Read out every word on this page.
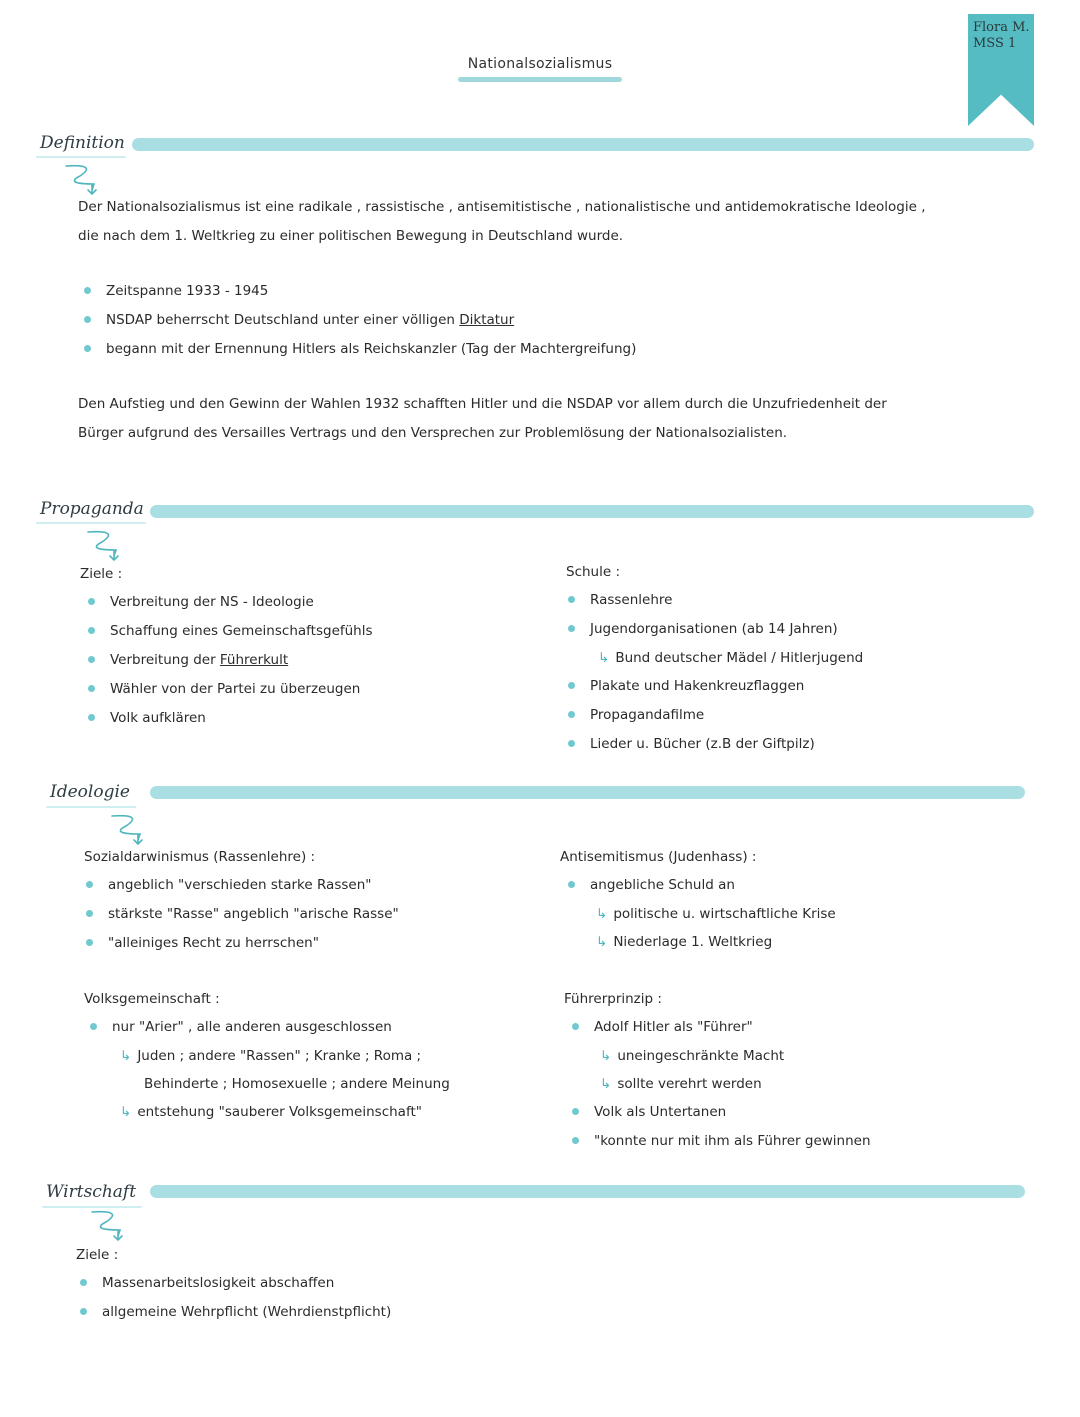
Nationalsozialismus
Flora M.
MSS 1
Definition
Der Nationalsozialismus ist eine radikale , rassistische , antisemitistische , nationalistische und antidemokratische Ideologie ,
die nach dem 1. Weltkrieg zu einer politischen Bewegung in Deutschland wurde.
Zeitspanne 1933 - 1945
NSDAP beherrscht Deutschland unter einer völligen Diktatur
begann mit der Ernennung Hitlers als Reichskanzler (Tag der Machtergreifung)
Den Aufstieg und den Gewinn der Wahlen 1932 schafften Hitler und die NSDAP vor allem durch die Unzufriedenheit der
Bürger aufgrund des Versailles Vertrags und den Versprechen zur Problemlösung der Nationalsozialisten.
Propaganda
Ziele :
Verbreitung der NS - Ideologie
Schaffung eines Gemeinschaftsgefühls
Verbreitung der Führerkult
Wähler von der Partei zu überzeugen
Volk aufklären
Schule :
Rassenlehre
Jugendorganisationen (ab 14 Jahren)
↳ Bund deutscher Mädel / Hitlerjugend
Plakate und Hakenkreuzflaggen
Propagandafilme
Lieder u. Bücher (z.B der Giftpilz)
Ideologie
Sozialdarwinismus (Rassenlehre) :
angeblich "verschieden starke Rassen"
stärkste "Rasse" angeblich "arische Rasse"
"alleiniges Recht zu herrschen"
Antisemitismus (Judenhass) :
angebliche Schuld an
↳ politische u. wirtschaftliche Krise
↳ Niederlage 1. Weltkrieg
Volksgemeinschaft :
nur "Arier" , alle anderen ausgeschlossen
↳ Juden ; andere "Rassen" ; Kranke ; Roma ;
Behinderte ; Homosexuelle ; andere Meinung
↳ entstehung "sauberer Volksgemeinschaft"
Führerprinzip :
Adolf Hitler als "Führer"
↳ uneingeschränkte Macht
↳ sollte verehrt werden
Volk als Untertanen
"konnte nur mit ihm als Führer gewinnen
Wirtschaft
Ziele :
Massenarbeitslosigkeit abschaffen
allgemeine Wehrpflicht (Wehrdienstpflicht)
